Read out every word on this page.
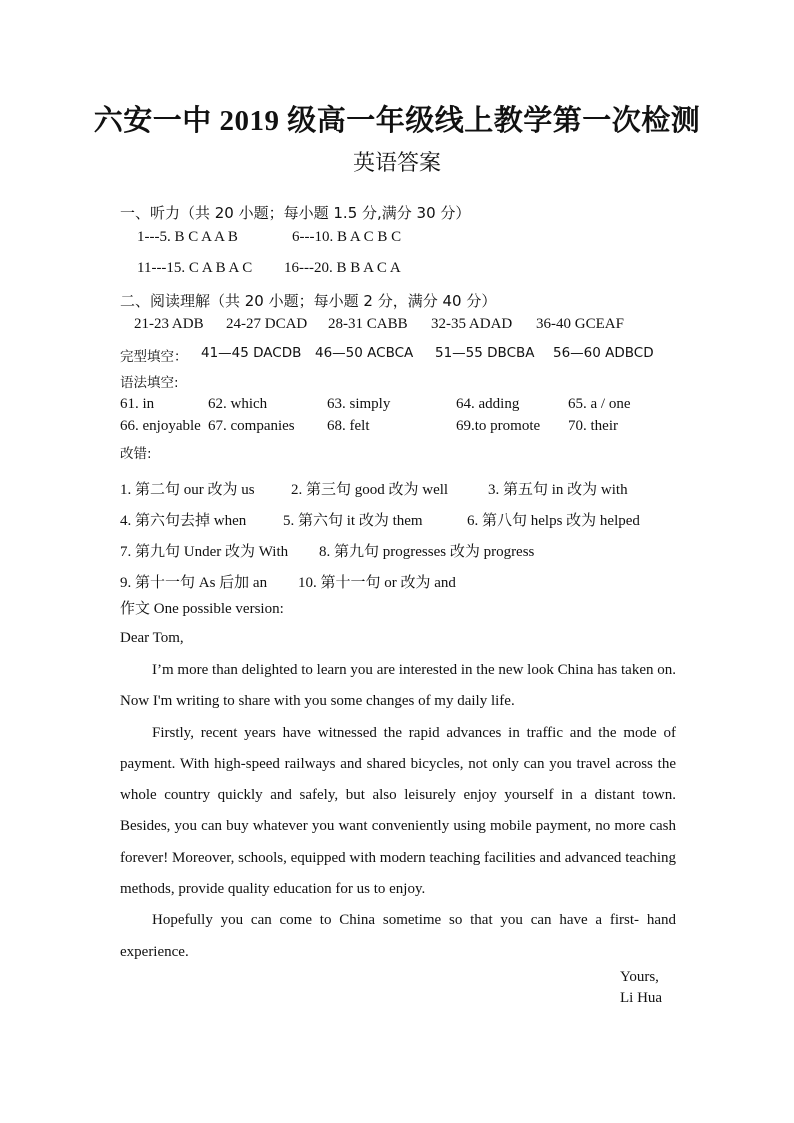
六安一中 2019 级高一年级线上教学第一次检测
英语答案
一、听力（共 20 小题；每小题 1.5 分,满分 30 分）
1---5. B C A A B	6---10. B A C B C
11---15. C A B A C 16---20. B B A C A
二、阅读理解（共 20 小题；每小题 2 分，满分 40 分）
21-23 ADB 24-27 DCAD 28-31 CABB 32-35 ADAD 36-40 GCEAF
完型填空： 41—45 DACDB 46—50 ACBCA 51—55 DBCBA 56—60 ADBCD
语法填空:
61. in	62. which	63. simply	64. adding	65. a / one
66. enjoyable 67. companies 68. felt	69.to promote 70. their
改错:
1. 第二句 our 改为 us 2. 第三句 good 改为 well	3. 第五句 in 改为 with
4. 第六句去掉 when 5. 第六句 it 改为 them	6. 第八句 helps 改为 helped
7. 第九句 Under 改为 With 8. 第九句 progresses 改为 progress
9. 第十一句 As 后加 an 10. 第十一句 or 改为 and
作文 One possible version:
Dear Tom,

I’m more than delighted to learn you are interested in the new look China has taken on. Now I'm writing to share with you some changes of my daily life.

Firstly, recent years have witnessed the rapid advances in traffic and the mode of payment. With high-speed railways and shared bicycles, not only can you travel across the whole country quickly and safely, but also leisurely enjoy yourself in a distant town. Besides, you can buy whatever you want conveniently using mobile payment, no more cash forever! Moreover, schools, equipped with modern teaching facilities and advanced teaching methods, provide quality education for us to enjoy.

Hopefully you can come to China sometime so that you can have a first- hand experience.

Yours,
Li Hua
